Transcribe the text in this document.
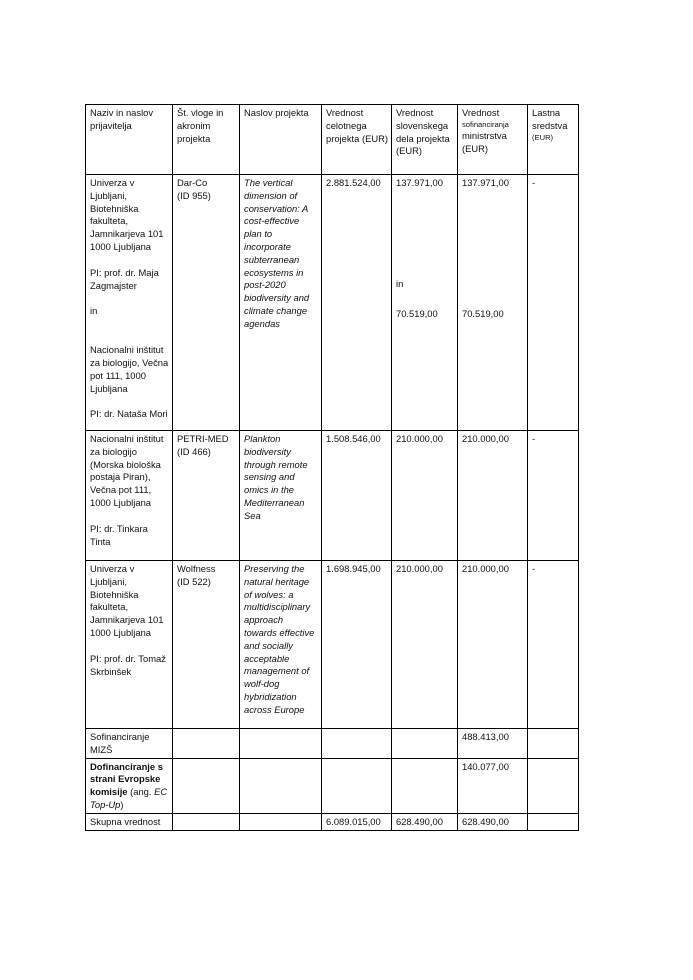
Naziv in naslov prijavitelja	Št. vloge in akronim projekta	Naslov projekta	Vrednost celotnega projekta (EUR)	Vrednost slovenskega dela projekta (EUR)	Vrednost
sofinanciranja
ministrstva (EUR)	Lastna sredstva
(EUR)

Univerza v Ljubljani, Biotehniška fakulteta, Jamnikarjeva 101 1000 Ljubljana
PI: prof. dr. Maja Zagmajster
in
Nacionalni inštitut za biologijo, Večna pot 111, 1000 Ljubljana
PI: dr. Nataša Mori	Dar-Co
(ID 955)	The vertical dimension of conservation: A cost-effective plan to incorporate subterranean ecosystems in post-2020 biodiversity and climate change agendas	2.881.524,00	137.971,00
in
70.519,00	137.971,00
70.519,00	-

Nacionalni inštitut za biologijo (Morska biološka postaja Piran), Večna pot 111, 1000 Ljubljana
PI: dr. Tinkara Tinta	PETRI-MED
(ID 466)	Plankton biodiversity through remote sensing and omics in the Mediterranean Sea	1.508.546,00	210.000,00	210.000,00	-

Univerza v Ljubljani, Biotehniška fakulteta, Jamnikarjeva 101 1000 Ljubljana
PI: prof. dr. Tomaž Skrbinšek	Wolfness
(ID 522)	Preserving the natural heritage of wolves: a multidisciplinary approach towards effective and socially acceptable management of wolf-dog hybridization across Europe	1.698.945,00	210.000,00	210.000,00	-
Sofinanciranje MIZŠ					488.413,00	
Dofinanciranje s strani Evropske komisije (ang. EC Top-Up)					140.077,00	
Skupna vrednost			6.089.015,00	628.490,00	628.490,00	
